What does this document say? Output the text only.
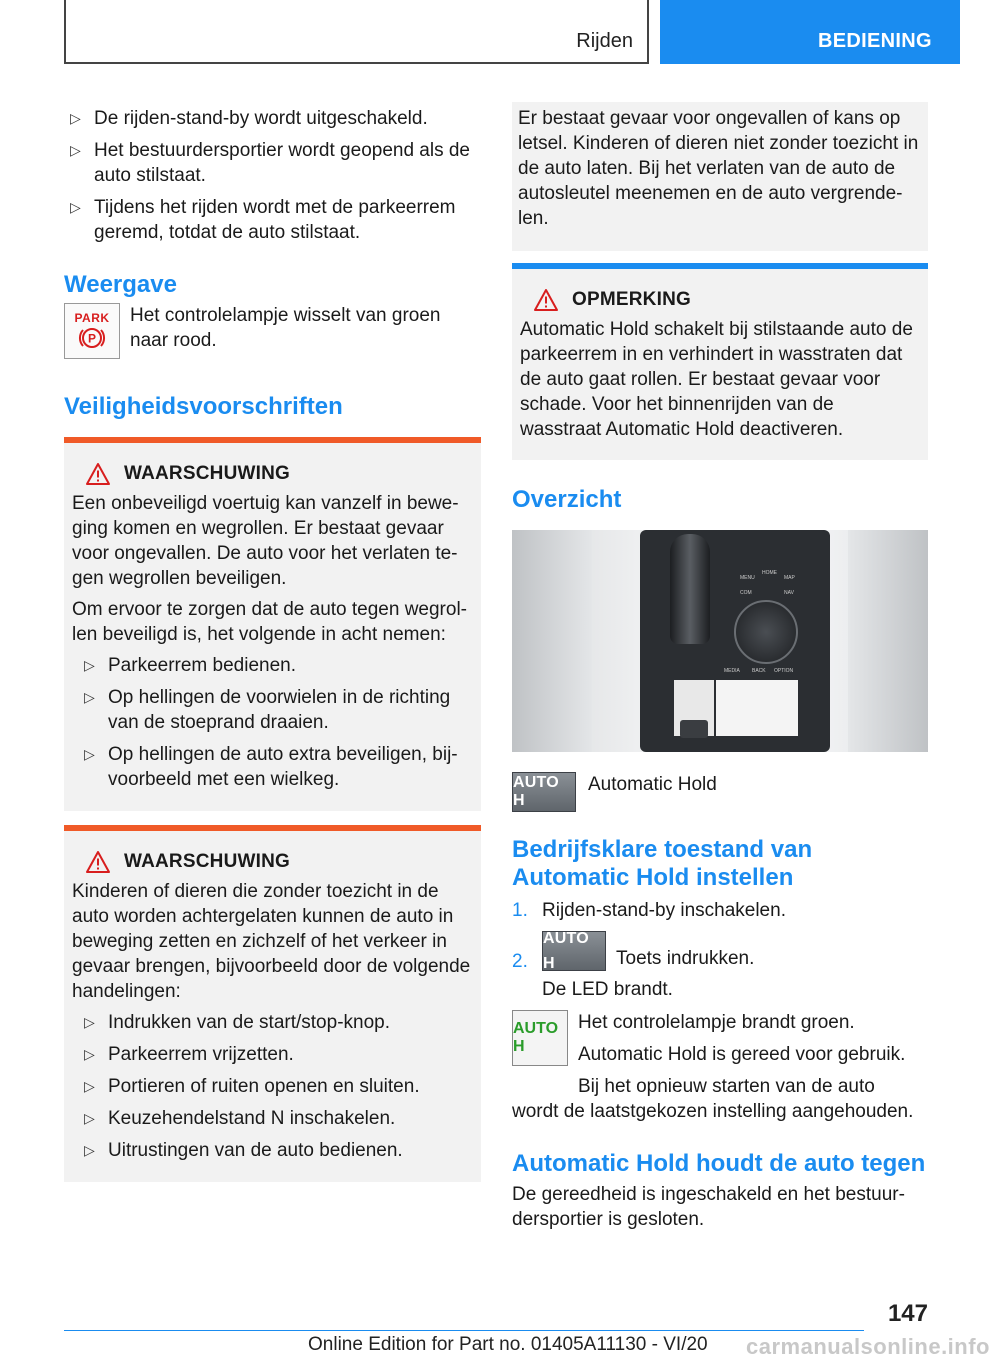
Rijden	BEDIENING
▷ De rijden-stand-by wordt uitgeschakeld.
▷ Het bestuurdersportier wordt geopend als de auto stilstaat.
▷ Tijdens het rijden wordt met de parkeerrem geremd, totdat de auto stilstaat.
Weergave
PARK
P

Het controlelampje wisselt van groen naar rood.

Veiligheidsvoorschriften
WAARSCHUWING

Een onbeveiligd voertuig kan vanzelf in bewe-ging komen en wegrollen. Er bestaat gevaar voor ongevallen. De auto voor het verlaten te-gen wegrollen beveiligen.

Om ervoor te zorgen dat de auto tegen wegrol-len beveiligd is, het volgende in acht nemen:

▷ Parkeerrem bedienen.
▷ Op hellingen de voorwielen in de richting van de stoeprand draaien.
▷ Op hellingen de auto extra beveiligen, bij-voorbeeld met een wielkeg.
WAARSCHUWING

Kinderen of dieren die zonder toezicht in de auto worden achtergelaten kunnen de auto in beweging zetten en zichzelf of het verkeer in gevaar brengen, bijvoorbeeld door de volgende handelingen:

▷ Indrukken van de start/stop-knop.
▷ Parkeerrem vrijzetten.
▷ Portieren of ruiten openen en sluiten.
▷ Keuzehendelstand N inschakelen.
▷ Uitrustingen van de auto bedienen.

Er bestaat gevaar voor ongevallen of kans op letsel. Kinderen of dieren niet zonder toezicht in de auto laten. Bij het verlaten van de auto de autosleutel meenemen en de auto vergrende-len.

OPMERKING

Automatic Hold schakelt bij stilstaande auto de parkeerrem in en verhindert in wasstraten dat de auto gaat rollen. Er bestaat gevaar voor schade. Voor het binnenrijden van de wasstraat Automatic Hold deactiveren.

Overzicht
MENU
HOME
MAP
COM	NAV
MEDIA BACK OPTION
AUTO H

Automatic Hold

Bedrijfsklare toestand van Automatic Hold instellen
1. Rijden-stand-by inschakelen.
2.
AUTO H	Toets indrukken.

De LED brandt.

AUTO H

Het controlelampje brandt groen.

Automatic Hold is gereed voor gebruik.

Bij het opnieuw starten van de auto

wordt de laatstgekozen instelling aangehouden.

Automatic Hold houdt de auto tegen

De gereedheid is ingeschakeld en het bestuur-dersportier is gesloten.

147
Online Edition for Part no. 01405A11130 - VI/20 carmanualsonline.info
